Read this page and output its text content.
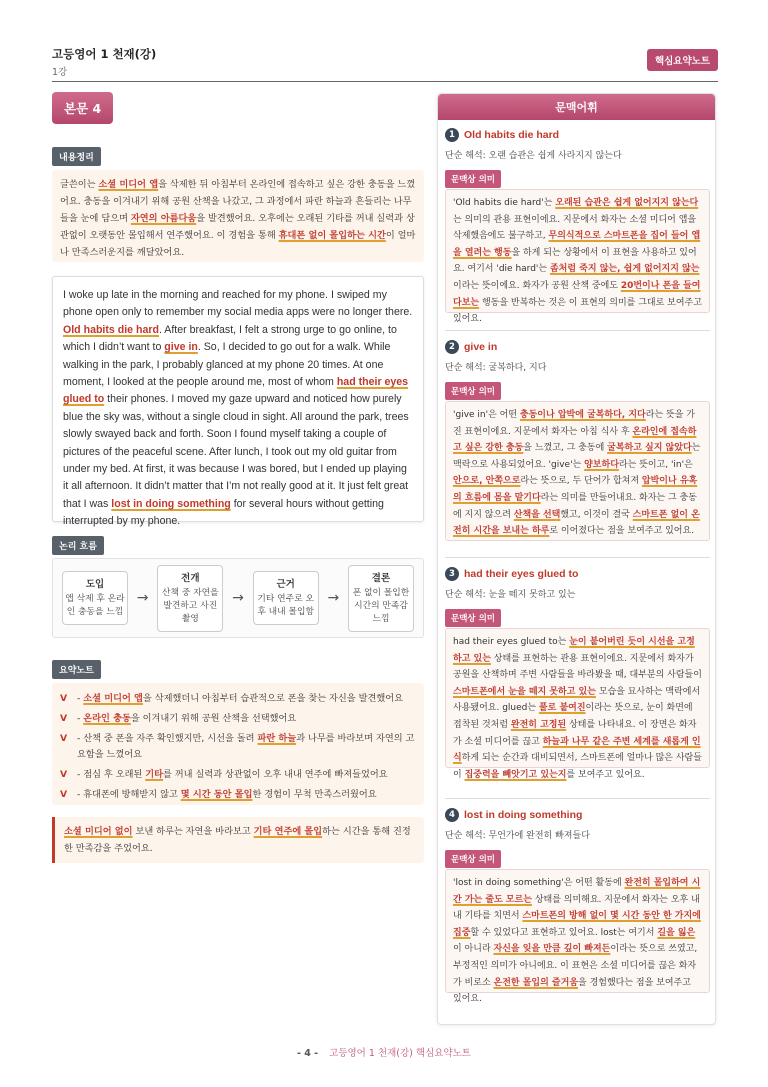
고등영어 1 천재(강)
1강
핵심요약노트
본문 4
내용정리
글쓴이는 소셜 미디어 앱을 삭제한 뒤 아침부터 온라인에 접속하고 싶은 강한 충동을 느꼈어요. 충동을 이겨내기 위해 공원 산책을 나갔고, 그 과정에서 파란 하늘과 흔들리는 나무들을 눈에 담으며 자연의 아름다움을 발견했어요. 오후에는 오래된 기타를 꺼내 실력과 상관없이 오랫동안 몰입해서 연주했어요. 이 경험을 통해 휴대폰 없이 몰입하는 시간이 얼마나 만족스러운지를 깨달았어요.
I woke up late in the morning and reached for my phone. I swiped my phone open only to remember my social media apps were no longer there. Old habits die hard. After breakfast, I felt a strong urge to go online, to which I didn’t want to give in. So, I decided to go out for a walk. While walking in the park, I probably glanced at my phone 20 times. At one moment, I looked at the people around me, most of whom had their eyes glued to their phones. I moved my gaze upward and noticed how purely blue the sky was, without a single cloud in sight. All around the park, trees slowly swayed back and forth. Soon I found myself taking a couple of pictures of the peaceful scene. After lunch, I took out my old guitar from under my bed. At first, it was because I was bored, but I ended up playing it all afternoon. It didn’t matter that I’m not really good at it. It just felt great that I was lost in doing something for several hours without getting interrupted by my phone.
논리 흐름
도입
앱 삭제 후 온라인 충동을 느낌
→
전개
산책 중 자연을 발견하고 사진 촬영
→
근거
기타 연주로 오후 내내 몰입함
→
결론
폰 없이 몰입한 시간의 만족감 느낌
요약노트
V	- 소셜 미디어 앱을 삭제했더니 아침부터 습관적으로 폰을 찾는 자신을 발견했어요
V	- 온라인 충동을 이겨내기 위해 공원 산책을 선택했어요
V	- 산책 중 폰을 자주 확인했지만, 시선을 돌려 파란 하늘과 나무를 바라보며 자연의 고요함을 느꼈어요
V	- 점심 후 오래된 기타를 꺼내 실력과 상관없이 오후 내내 연주에 빠져들었어요
V	- 휴대폰에 방해받지 않고 몇 시간 동안 몰입한 경험이 무척 만족스러웠어요
소셜 미디어 없이 보낸 하루는 자연을 바라보고 기타 연주에 몰입하는 시간을 통해 진정한 만족감을 주었어요.
문맥어휘
1 Old habits die hard
단순 해석: 오랜 습관은 쉽게 사라지지 않는다
문맥상 의미
'Old habits die hard'는 오래된 습관은 쉽게 없어지지 않는다는 의미의 관용 표현이에요. 지문에서 화자는 소셜 미디어 앱을 삭제했음에도 불구하고, 무의식적으로 스마트폰을 집어 들어 앱을 열려는 행동을 하게 되는 상황에서 이 표현을 사용하고 있어요. 여기서 'die hard'는 좀처럼 죽지 않는, 쉽게 없어지지 않는이라는 뜻이에요. 화자가 공원 산책 중에도 20번이나 폰을 들여다보는 행동을 반복하는 것은 이 표현의 의미를 그대로 보여주고 있어요.
2 give in
단순 해석: 굴복하다, 지다
문맥상 의미
'give in'은 어떤 충동이나 압박에 굴복하다, 지다라는 뜻을 가진 표현이에요. 지문에서 화자는 아침 식사 후 온라인에 접속하고 싶은 강한 충동을 느꼈고, 그 충동에 굴복하고 싶지 않았다는 맥락으로 사용되었어요. 'give'는 양보하다라는 뜻이고, 'in'은 안으로, 안쪽으로라는 뜻으로, 두 단어가 합쳐져 압박이나 유혹의 흐름에 몸을 맡기다라는 의미를 만들어내요. 화자는 그 충동에 지지 않으려 산책을 선택했고, 이것이 결국 스마트폰 없이 온전히 시간을 보내는 하루로 이어졌다는 점을 보여주고 있어요.
3 had their eyes glued to
단순 해석: 눈을 떼지 못하고 있는
문맥상 의미
had their eyes glued to는 눈이 붙어버린 듯이 시선을 고정하고 있는 상태를 표현하는 관용 표현이에요. 지문에서 화자가 공원을 산책하며 주변 사람들을 바라봤을 때, 대부분의 사람들이 스마트폰에서 눈을 떼지 못하고 있는 모습을 묘사하는 맥락에서 사용됐어요. glued는 풀로 붙여진이라는 뜻으로, 눈이 화면에 접착된 것처럼 완전히 고정된 상태를 나타내요. 이 장면은 화자가 소셜 미디어를 끊고 하늘과 나무 같은 주변 세계를 새롭게 인식하게 되는 순간과 대비되면서, 스마트폰에 얼마나 많은 사람들이 집중력을 빼앗기고 있는지를 보여주고 있어요.
4 lost in doing something
단순 해석: 무언가에 완전히 빠져들다
문맥상 의미
'lost in doing something'은 어떤 활동에 완전히 몰입하여 시간 가는 줄도 모르는 상태를 의미해요. 지문에서 화자는 오후 내내 기타를 치면서 스마트폰의 방해 없이 몇 시간 동안 한 가지에 집중할 수 있었다고 표현하고 있어요. lost는 여기서 길을 잃은이 아니라 자신을 잊을 만큼 깊이 빠져든이라는 뜻으로 쓰였고, 부정적인 의미가 아니에요. 이 표현은 소셜 미디어를 끊은 화자가 비로소 온전한 몰입의 즐거움을 경험했다는 점을 보여주고 있어요.
- 4 - 고등영어 1 천재(강) 핵심요약노트
